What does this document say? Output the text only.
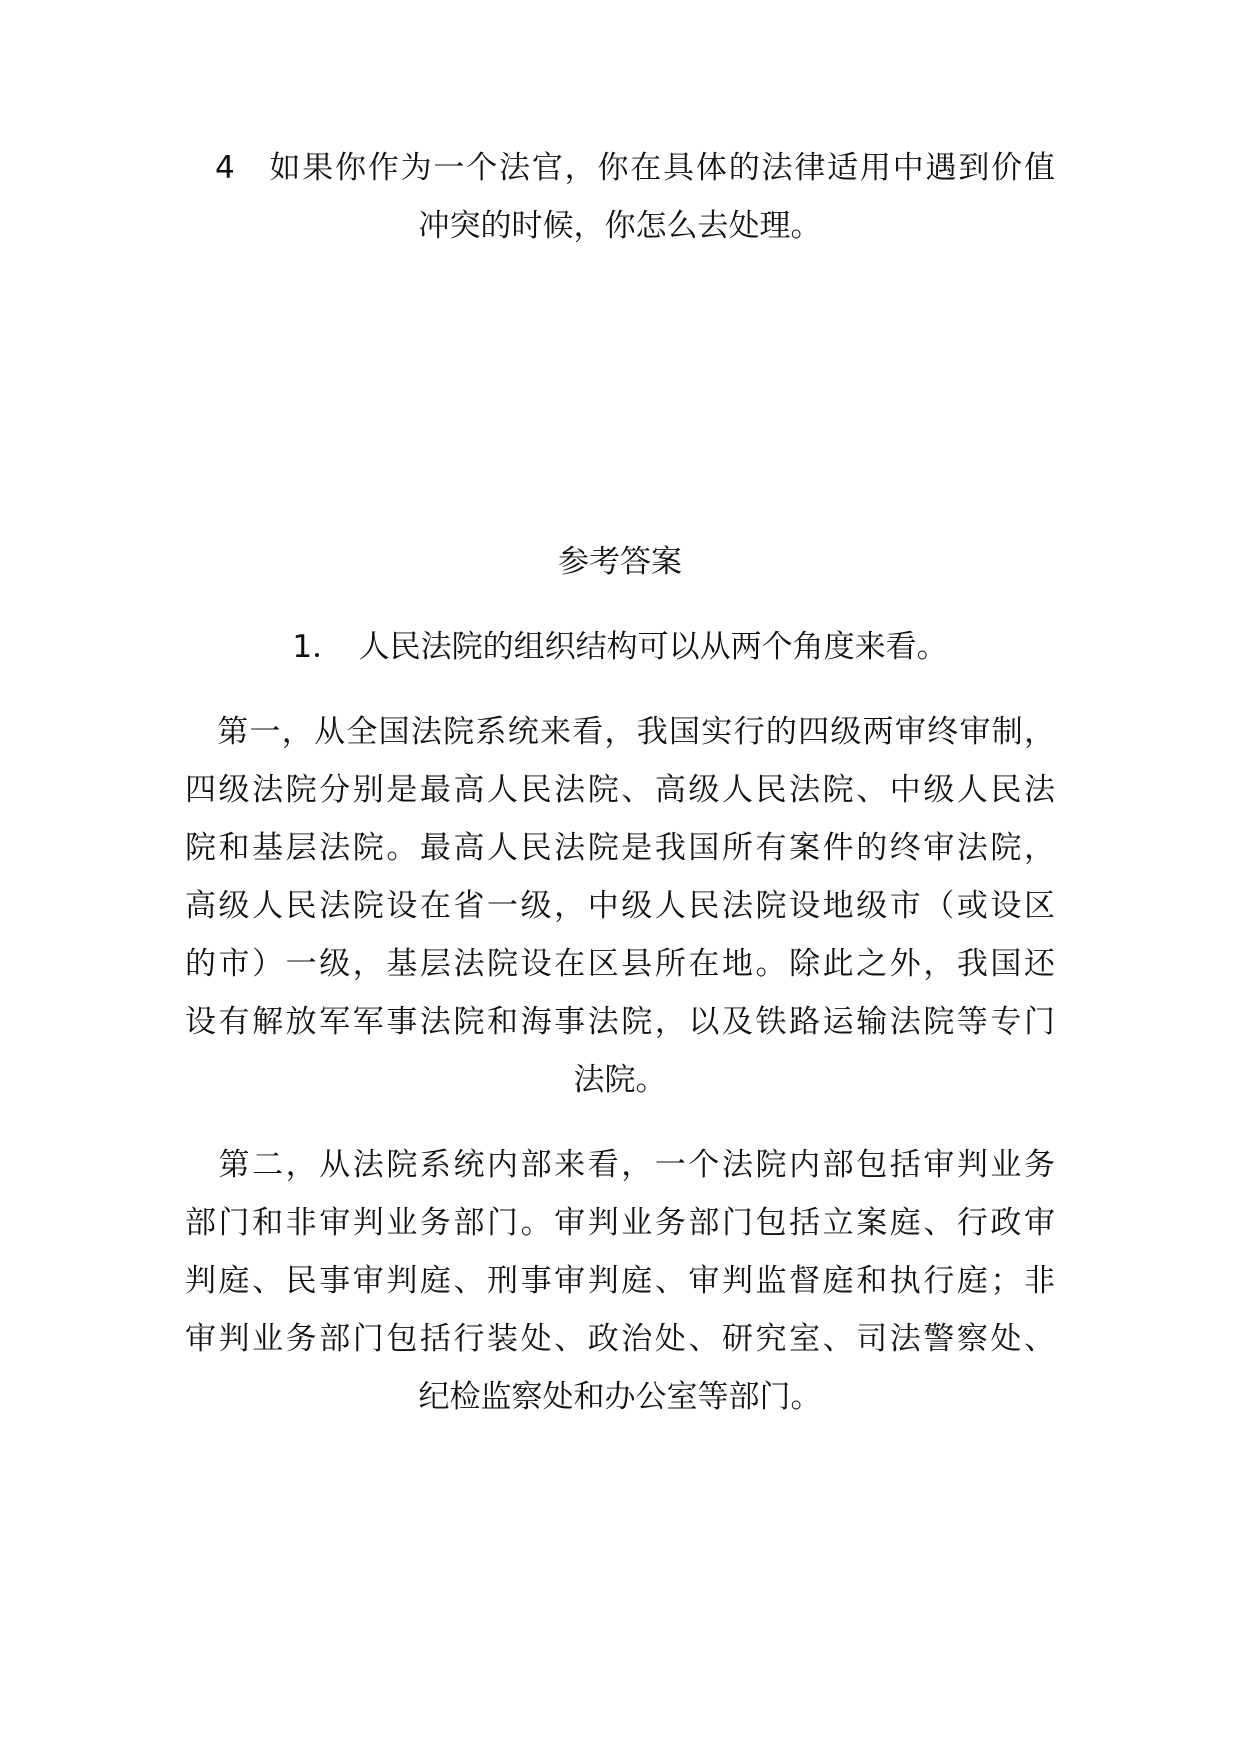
4　如果你作为一个法官，你在具体的法律适用中遇到价值
冲突的时候，你怎么去处理。
参考答案
1．　人民法院的组织结构可以从两个角度来看。
　第一，从全国法院系统来看，我国实行的四级两审终审制，
四级法院分别是最高人民法院、高级人民法院、中级人民法
院和基层法院。最高人民法院是我国所有案件的终审法院，
高级人民法院设在省一级，中级人民法院设地级市（或设区
的市）一级，基层法院设在区县所在地。除此之外，我国还
设有解放军军事法院和海事法院，以及铁路运输法院等专门
法院。
　第二，从法院系统内部来看，一个法院内部包括审判业务
部门和非审判业务部门。审判业务部门包括立案庭、行政审
判庭、民事审判庭、刑事审判庭、审判监督庭和执行庭；非
审判业务部门包括行装处、政治处、研究室、司法警察处、
纪检监察处和办公室等部门。
